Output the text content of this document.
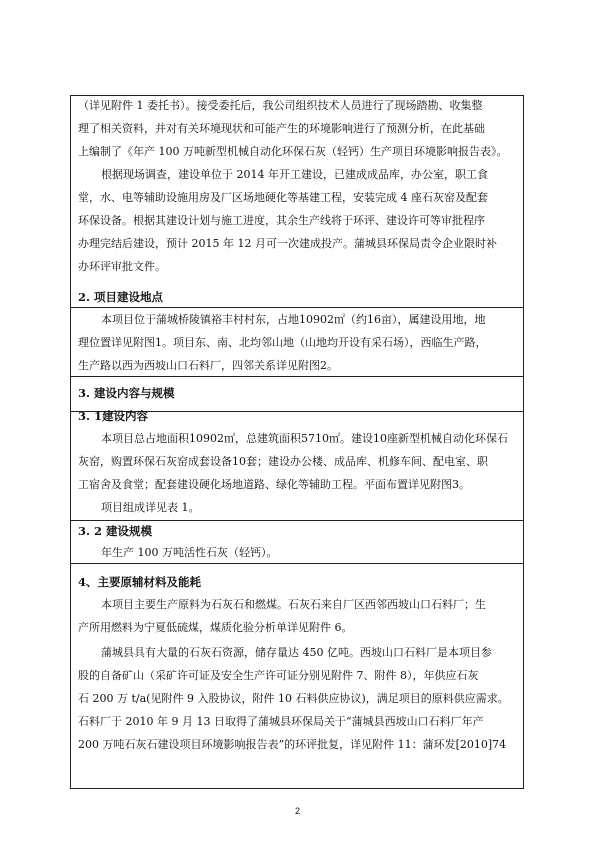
（详见附件 1 委托书）。接受委托后，我公司组织技术人员进行了现场踏勘、收集整
理了相关资料，并对有关环境现状和可能产生的环境影响进行了预测分析，在此基础
上编制了《年产 100 万吨新型机械自动化环保石灰（轻钙）生产项目环境影响报告表》。
根据现场调查，建设单位于 2014 年开工建设，已建成成品库，办公室，职工食
堂，水、电等辅助设施用房及厂区场地硬化等基建工程，安装完成 4 座石灰窑及配套
环保设备。根据其建设计划与施工进度，其余生产线将于环评、建设许可等审批程序
办理完结后建设，预计 2015 年 12 月可一次建成投产。蒲城县环保局责令企业限时补
办环评审批文件。
2. 项目建设地点
本项目位于蒲城桥陵镇裕丰村村东，占地10902㎡（约16亩），属建设用地，地
理位置详见附图1。项目东、南、北均邻山地（山地均开设有采石场），西临生产路，
生产路以西为西坡山口石料厂，四邻关系详见附图2。
3. 建设内容与规模
3. 1建设内容
本项目总占地面积10902㎡，总建筑面积5710㎡。建设10座新型机械自动化环保石
灰窑，购置环保石灰窑成套设备10套；建设办公楼、成品库、机修车间、配电室、职
工宿舍及食堂；配套建设硬化场地道路、绿化等辅助工程。平面布置详见附图3。
项目组成详见表 1。
3. 2 建设规模
年生产 100 万吨活性石灰（轻钙）。
4、主要原辅材料及能耗
本项目主要生产原料为石灰石和燃煤。石灰石来自厂区西邻西坡山口石料厂；生
产所用燃料为宁夏低硫煤，煤质化验分析单详见附件 6。
蒲城县具有大量的石灰石资源，储存量达 450 亿吨。西坡山口石料厂是本项目参
股的自备矿山（采矿许可证及安全生产许可证分别见附件 7、附件 8），年供应石灰
石 200 万 t/a(见附件 9 入股协议，附件 10 石料供应协议)，满足项目的原料供应需求。
石料厂于 2010 年 9 月 13 日取得了蒲城县环保局关于“蒲城县西坡山口石料厂年产
200 万吨石灰石建设项目环境影响报告表”的环评批复，详见附件 11：蒲环发[2010]74
2
